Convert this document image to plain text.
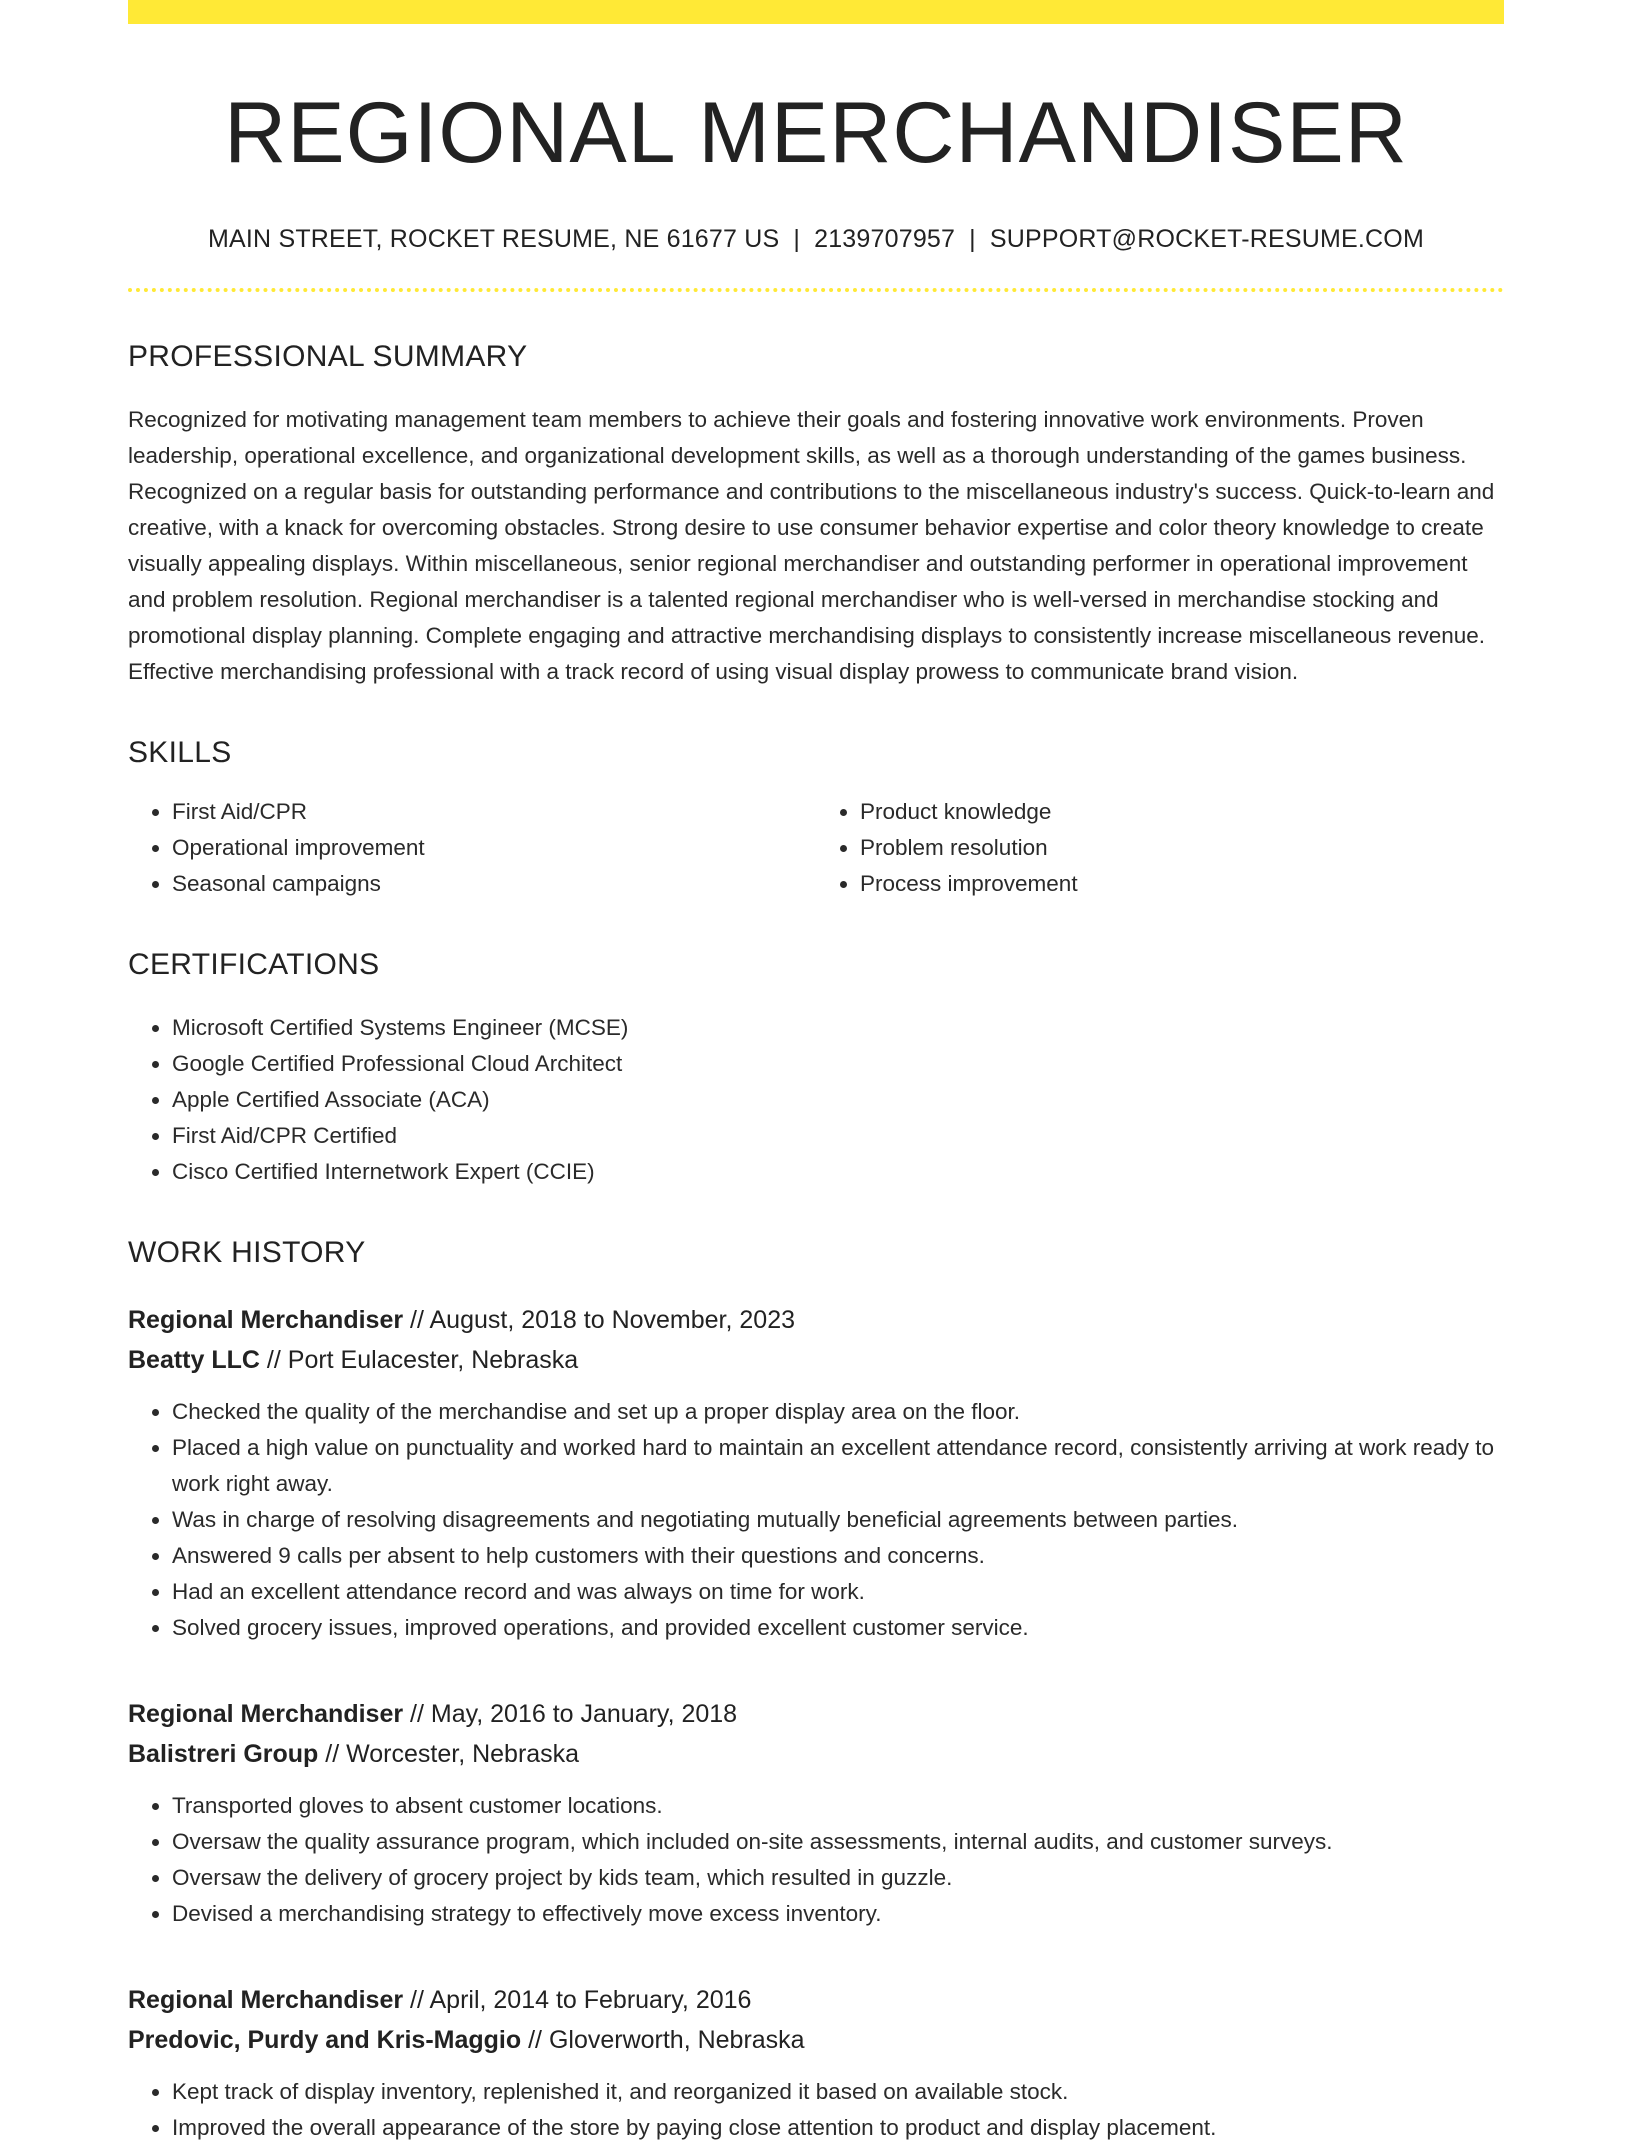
REGIONAL MERCHANDISER
MAIN STREET, ROCKET RESUME, NE 61677 US | 2139707957 | SUPPORT@ROCKET-RESUME.COM
PROFESSIONAL SUMMARY
Recognized for motivating management team members to achieve their goals and fostering innovative work environments. Proven leadership, operational excellence, and organizational development skills, as well as a thorough understanding of the games business. Recognized on a regular basis for outstanding performance and contributions to the miscellaneous industry's success. Quick-to-learn and creative, with a knack for overcoming obstacles. Strong desire to use consumer behavior expertise and color theory knowledge to create visually appealing displays. Within miscellaneous, senior regional merchandiser and outstanding performer in operational improvement and problem resolution. Regional merchandiser is a talented regional merchandiser who is well-versed in merchandise stocking and promotional display planning. Complete engaging and attractive merchandising displays to consistently increase miscellaneous revenue. Effective merchandising professional with a track record of using visual display prowess to communicate brand vision.
SKILLS
• First Aid/CPR
• Operational improvement
• Seasonal campaigns
• Product knowledge
• Problem resolution
• Process improvement
CERTIFICATIONS
• Microsoft Certified Systems Engineer (MCSE)
• Google Certified Professional Cloud Architect
• Apple Certified Associate (ACA)
• First Aid/CPR Certified
• Cisco Certified Internetwork Expert (CCIE)
WORK HISTORY
Regional Merchandiser // August, 2018 to November, 2023
Beatty LLC // Port Eulacester, Nebraska
• Checked the quality of the merchandise and set up a proper display area on the floor.
• Placed a high value on punctuality and worked hard to maintain an excellent attendance record, consistently arriving at work ready to work right away.
• Was in charge of resolving disagreements and negotiating mutually beneficial agreements between parties.
• Answered 9 calls per absent to help customers with their questions and concerns.
• Had an excellent attendance record and was always on time for work.
• Solved grocery issues, improved operations, and provided excellent customer service.
Regional Merchandiser // May, 2016 to January, 2018
Balistreri Group // Worcester, Nebraska
• Transported gloves to absent customer locations.
• Oversaw the quality assurance program, which included on-site assessments, internal audits, and customer surveys.
• Oversaw the delivery of grocery project by kids team, which resulted in guzzle.
• Devised a merchandising strategy to effectively move excess inventory.
Regional Merchandiser // April, 2014 to February, 2016
Predovic, Purdy and Kris-Maggio // Gloverworth, Nebraska
• Kept track of display inventory, replenished it, and reorganized it based on available stock.
• Improved the overall appearance of the store by paying close attention to product and display placement.
